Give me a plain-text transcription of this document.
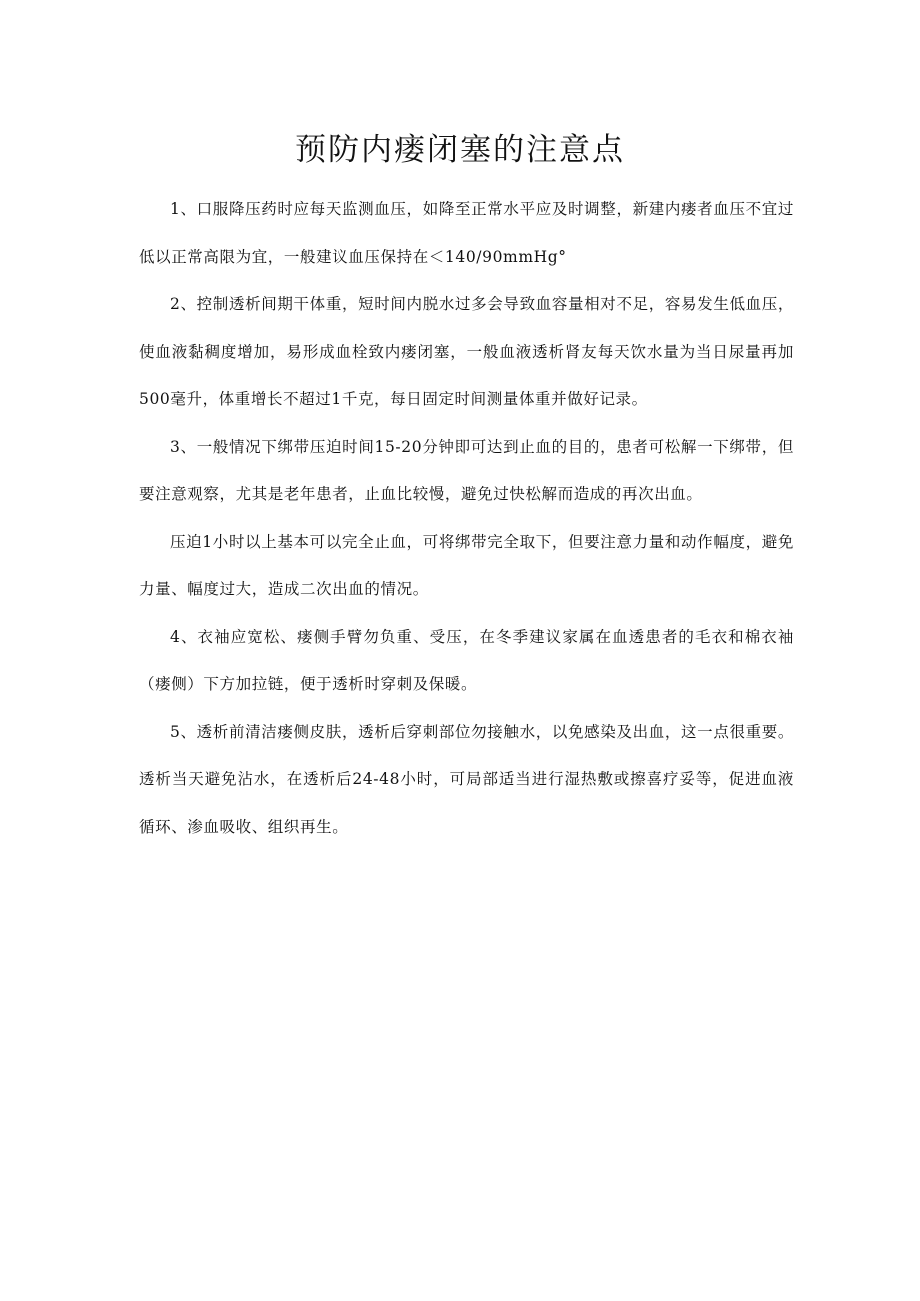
预防内瘘闭塞的注意点

1、口服降压药时应每天监测血压，如降至正常水平应及时调整，新建内瘘者血压不宜过低以正常高限为宜，一般建议血压保持在＜140/90mmHg°

2、控制透析间期干体重，短时间内脱水过多会导致血容量相对不足，容易发生低血压，使血液黏稠度增加，易形成血栓致内瘘闭塞，一般血液透析肾友每天饮水量为当日尿量再加500毫升，体重增长不超过1千克，每日固定时间测量体重并做好记录。

3、一般情况下绑带压迫时间15-20分钟即可达到止血的目的，患者可松解一下绑带，但要注意观察，尤其是老年患者，止血比较慢，避免过快松解而造成的再次出血。

压迫1小时以上基本可以完全止血，可将绑带完全取下，但要注意力量和动作幅度，避免力量、幅度过大，造成二次出血的情况。

4、衣袖应宽松、瘘侧手臂勿负重、受压，在冬季建议家属在血透患者的毛衣和棉衣袖（瘘侧）下方加拉链，便于透析时穿刺及保暖。

5、透析前清洁瘘侧皮肤，透析后穿刺部位勿接触水，以免感染及出血，这一点很重要。透析当天避免沾水，在透析后24-48小时，可局部适当进行湿热敷或擦喜疗妥等，促进血液循环、渗血吸收、组织再生。
